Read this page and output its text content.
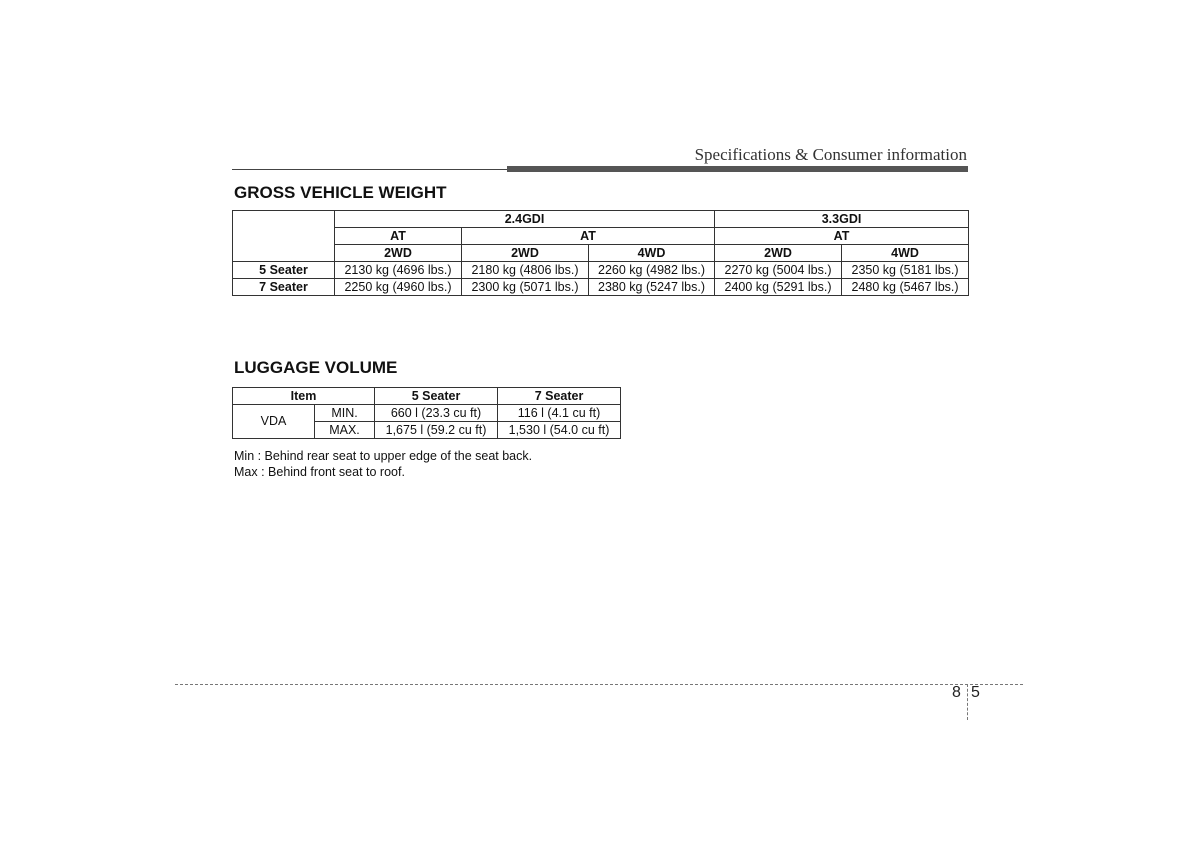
Specifications & Consumer information
GROSS VEHICLE WEIGHT
	2.4GDI			3.3GDI	
	AT	AT		AT	
	2WD	2WD	4WD	2WD	4WD
5 Seater	2130 kg (4696 lbs.)	2180 kg (4806 lbs.)	2260 kg (4982 lbs.)	2270 kg (5004 lbs.)	2350 kg (5181 lbs.)
7 Seater	2250 kg (4960 lbs.)	2300 kg (5071 lbs.)	2380 kg (5247 lbs.)	2400 kg (5291 lbs.)	2480 kg (5467 lbs.)
LUGGAGE VOLUME
Item		5 Seater	7 Seater
VDA	MIN.	660 l (23.3 cu ft)	116 l (4.1 cu ft)
	MAX.	1,675 l (59.2 cu ft)	1,530 l (54.0 cu ft)
Min : Behind rear seat to upper edge of the seat back.
Max : Behind front seat to roof.
8 5
